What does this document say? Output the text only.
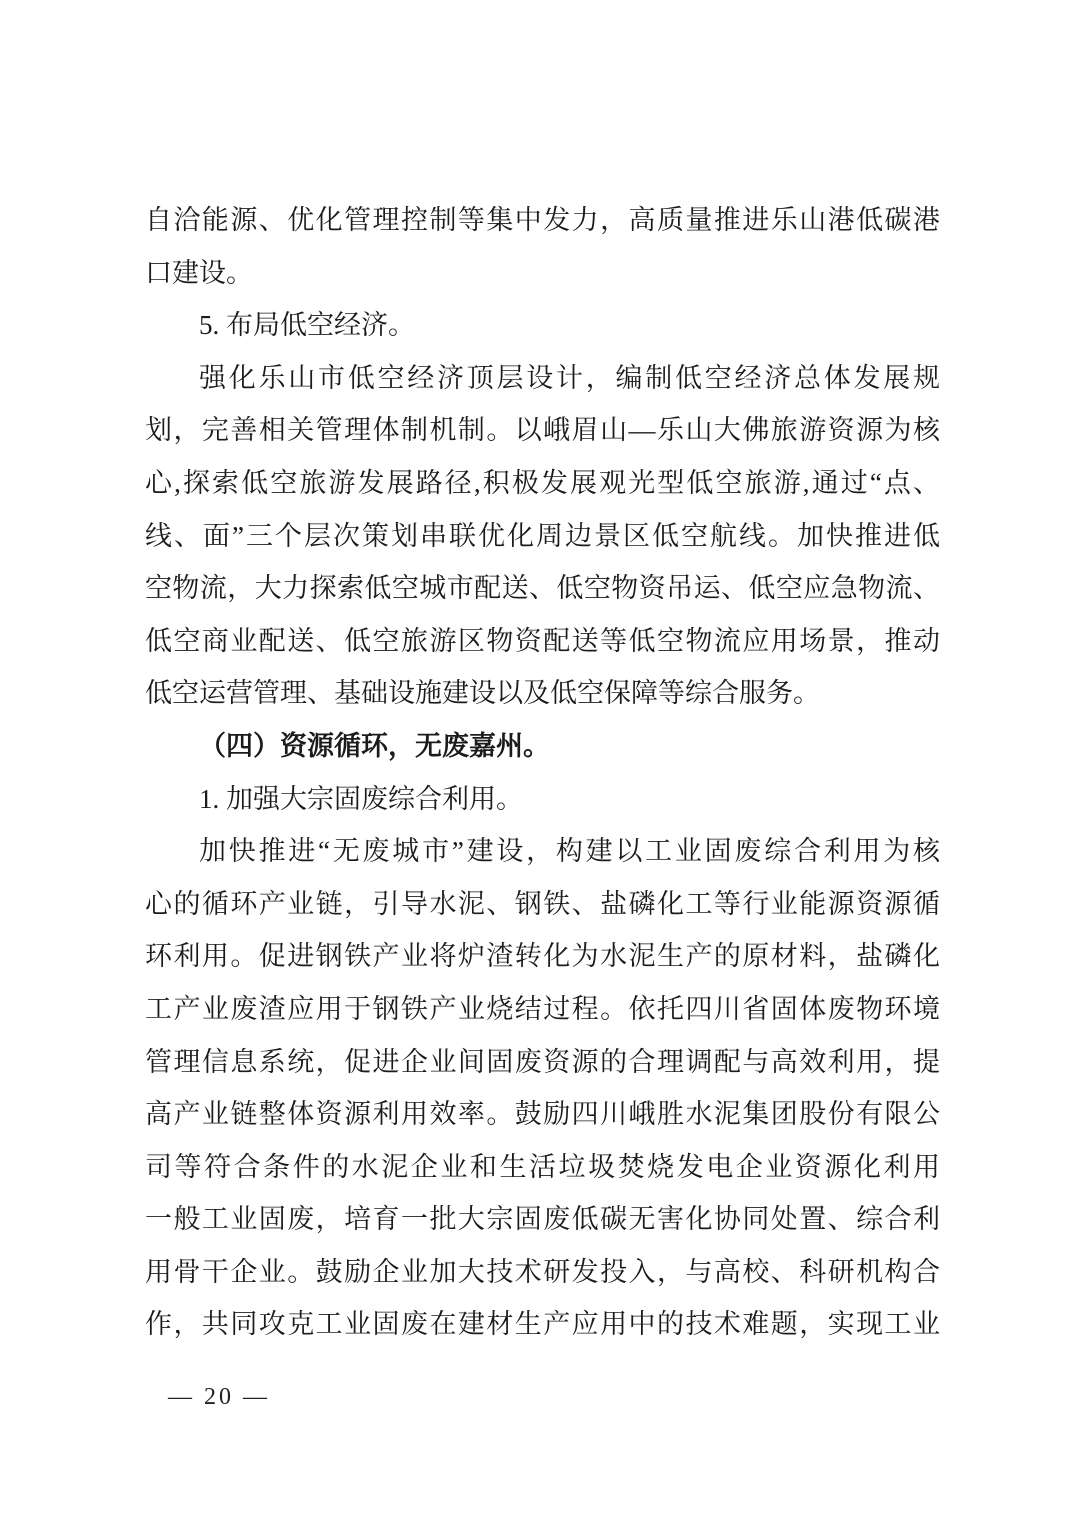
自洽能源、优化管理控制等集中发力，高质量推进乐山港低碳港
口建设。
5. 布局低空经济。
强化乐山市低空经济顶层设计，编制低空经济总体发展规
划，完善相关管理体制机制。以峨眉山—乐山大佛旅游资源为核
心,探索低空旅游发展路径,积极发展观光型低空旅游,通过“点、
线、面”三个层次策划串联优化周边景区低空航线。加快推进低
空物流，大力探索低空城市配送、低空物资吊运、低空应急物流、
低空商业配送、低空旅游区物资配送等低空物流应用场景，推动
低空运营管理、基础设施建设以及低空保障等综合服务。
（四）资源循环，无废嘉州。
1. 加强大宗固废综合利用。
加快推进“无废城市”建设，构建以工业固废综合利用为核
心的循环产业链，引导水泥、钢铁、盐磷化工等行业能源资源循
环利用。促进钢铁产业将炉渣转化为水泥生产的原材料，盐磷化
工产业废渣应用于钢铁产业烧结过程。依托四川省固体废物环境
管理信息系统，促进企业间固废资源的合理调配与高效利用，提
高产业链整体资源利用效率。鼓励四川峨胜水泥集团股份有限公
司等符合条件的水泥企业和生活垃圾焚烧发电企业资源化利用
一般工业固废，培育一批大宗固废低碳无害化协同处置、综合利
用骨干企业。鼓励企业加大技术研发投入，与高校、科研机构合
作，共同攻克工业固废在建材生产应用中的技术难题，实现工业
— 20 —
